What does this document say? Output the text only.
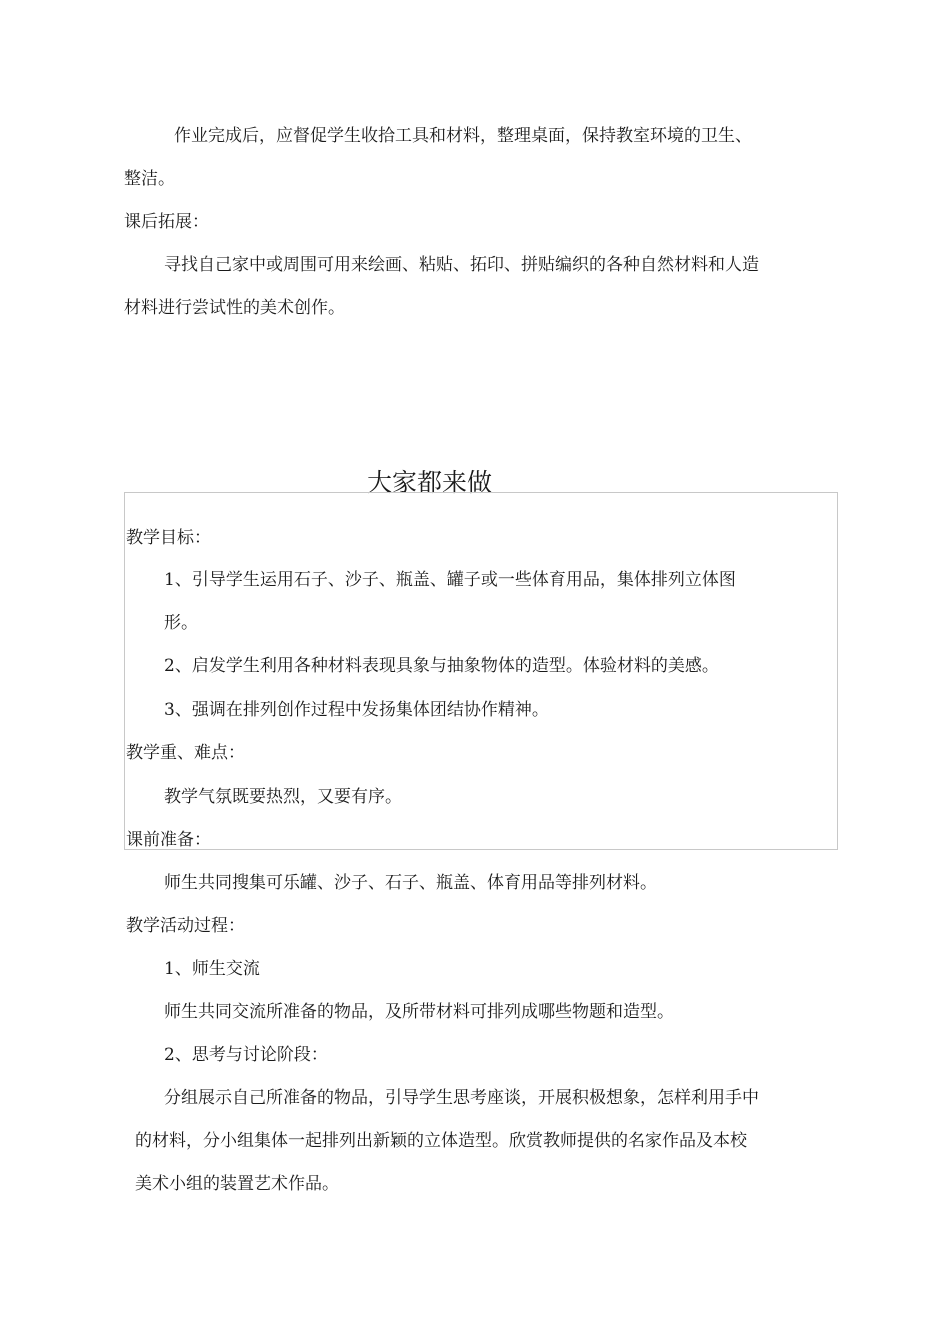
作业完成后，应督促学生收拾工具和材料，整理桌面，保持教室环境的卫生、
整洁。
课后拓展：
寻找自己家中或周围可用来绘画、粘贴、拓印、拼贴编织的各种自然材料和人造
材料进行尝试性的美术创作。
大家都来做
教学目标：
1、引导学生运用石子、沙子、瓶盖、罐子或一些体育用品，集体排列立体图
形。
2、启发学生利用各种材料表现具象与抽象物体的造型。体验材料的美感。
3、强调在排列创作过程中发扬集体团结协作精神。
教学重、难点：
教学气氛既要热烈，又要有序。
课前准备：
师生共同搜集可乐罐、沙子、石子、瓶盖、体育用品等排列材料。
教学活动过程：
1、师生交流
师生共同交流所准备的物品，及所带材料可排列成哪些物题和造型。
2、思考与讨论阶段：
分组展示自己所准备的物品，引导学生思考座谈，开展积极想象，怎样利用手中
的材料，分小组集体一起排列出新颖的立体造型。欣赏教师提供的名家作品及本校
美术小组的装置艺术作品。
